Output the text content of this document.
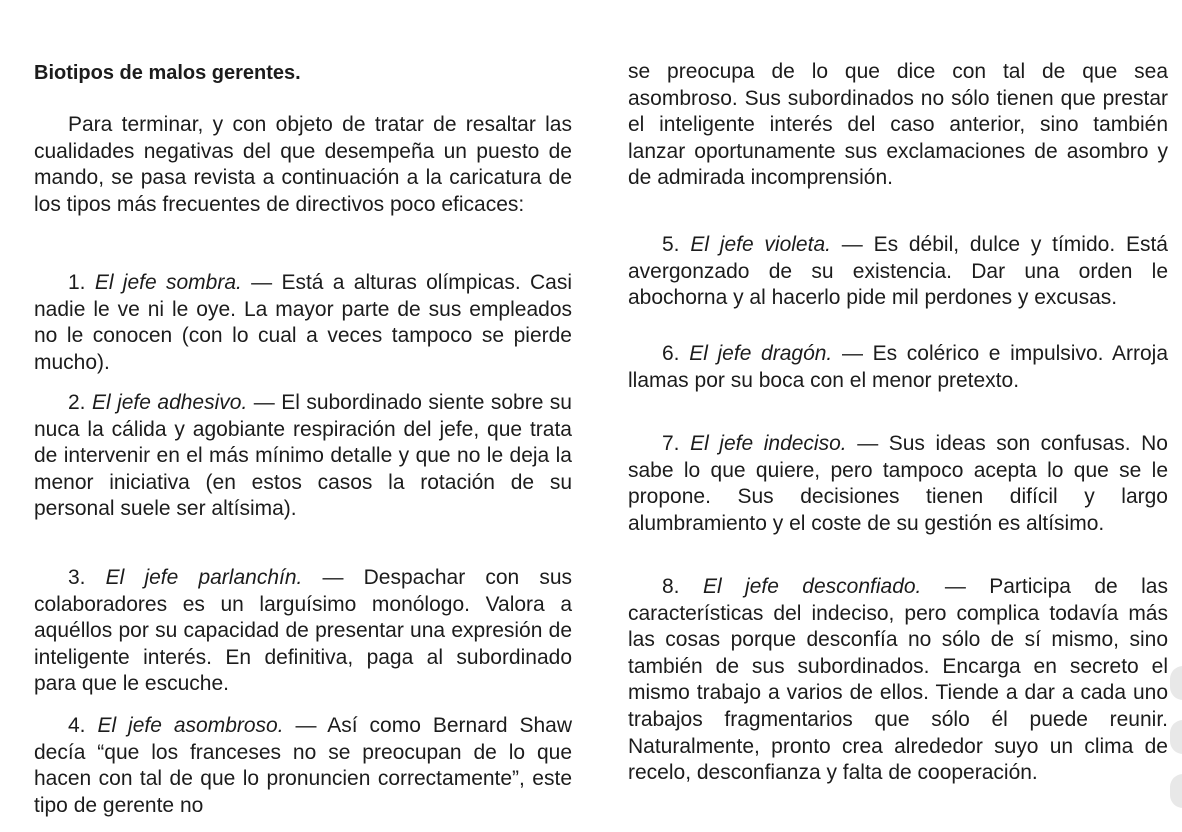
Biotipos de malos gerentes.

Para terminar, y con objeto de tratar de resaltar las cualidades negativas del que desempeña un puesto de mando, se pasa revista a continuación a la caricatura de los tipos más frecuentes de directivos poco eficaces:

1. El jefe sombra. — Está a alturas olímpicas. Casi nadie le ve ni le oye. La mayor parte de sus empleados no le conocen (con lo cual a veces tampoco se pierde mucho).

2. El jefe adhesivo. — El subordinado siente sobre su nuca la cálida y agobiante respiración del jefe, que trata de intervenir en el más mínimo detalle y que no le deja la menor iniciativa (en estos casos la rotación de su personal suele ser altísima).

3. El jefe parlanchín. — Despachar con sus colaboradores es un larguísimo monólogo. Valora a aquéllos por su capacidad de presentar una expresión de inteligente interés. En definitiva, paga al subordinado para que le escuche.

4. El jefe asombroso. — Así como Bernard Shaw decía “que los franceses no se preocupan de lo que hacen con tal de que lo pronuncien correctamente”, este tipo de gerente no

se preocupa de lo que dice con tal de que sea asombroso. Sus subordinados no sólo tienen que prestar el inteligente interés del caso anterior, sino también lanzar oportunamente sus exclamaciones de asombro y de admirada incomprensión.

5. El jefe violeta. — Es débil, dulce y tímido. Está avergonzado de su existencia. Dar una orden le abochorna y al hacerlo pide mil perdones y excusas.

6. El jefe dragón. — Es colérico e impulsivo. Arroja llamas por su boca con el menor pretexto.

7. El jefe indeciso. — Sus ideas son confusas. No sabe lo que quiere, pero tampoco acepta lo que se le propone. Sus decisiones tienen difícil y largo alumbramiento y el coste de su gestión es altísimo.

8. El jefe desconfiado. — Participa de las características del indeciso, pero complica todavía más las cosas porque desconfía no sólo de sí mismo, sino también de sus subordinados. Encarga en secreto el mismo trabajo a varios de ellos. Tiende a dar a cada uno trabajos fragmentarios que sólo él puede reunir. Naturalmente, pronto crea alrededor suyo un clima de recelo, desconfianza y falta de cooperación.
